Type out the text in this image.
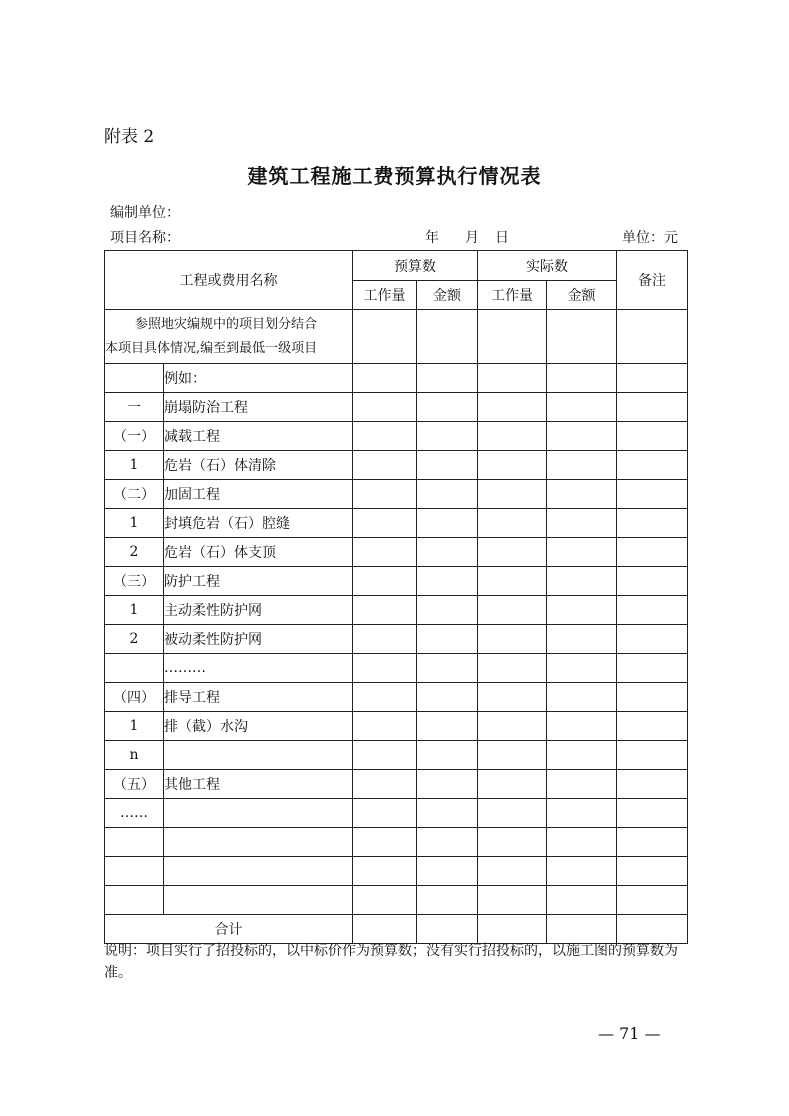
附表 2
建筑工程施工费预算执行情况表
编制单位：
项目名称：	年 月 日	单位：元
工程或费用名称		预算数		实际数		备注
		工作量	金额	工作量	金额	

参照地灾编规中的项目划分结合
本项目具体情况,编至到最低一级项目						

	例如：					
一	崩塌防治工程					
（一）	减载工程					
1	危岩（石）体清除					
（二）	加固工程					
1	封填危岩（石）腔缝					
2	危岩（石）体支顶					
（三）	防护工程					
1	主动柔性防护网					
2	被动柔性防护网					
	………					
（四）	排导工程					
1	排（截）水沟					
n						
（五）	其他工程					
……						

合计						
说明：项目实行了招投标的，以中标价作为预算数；没有实行招投标的，以施工图的预算数为准。
— 71 —
